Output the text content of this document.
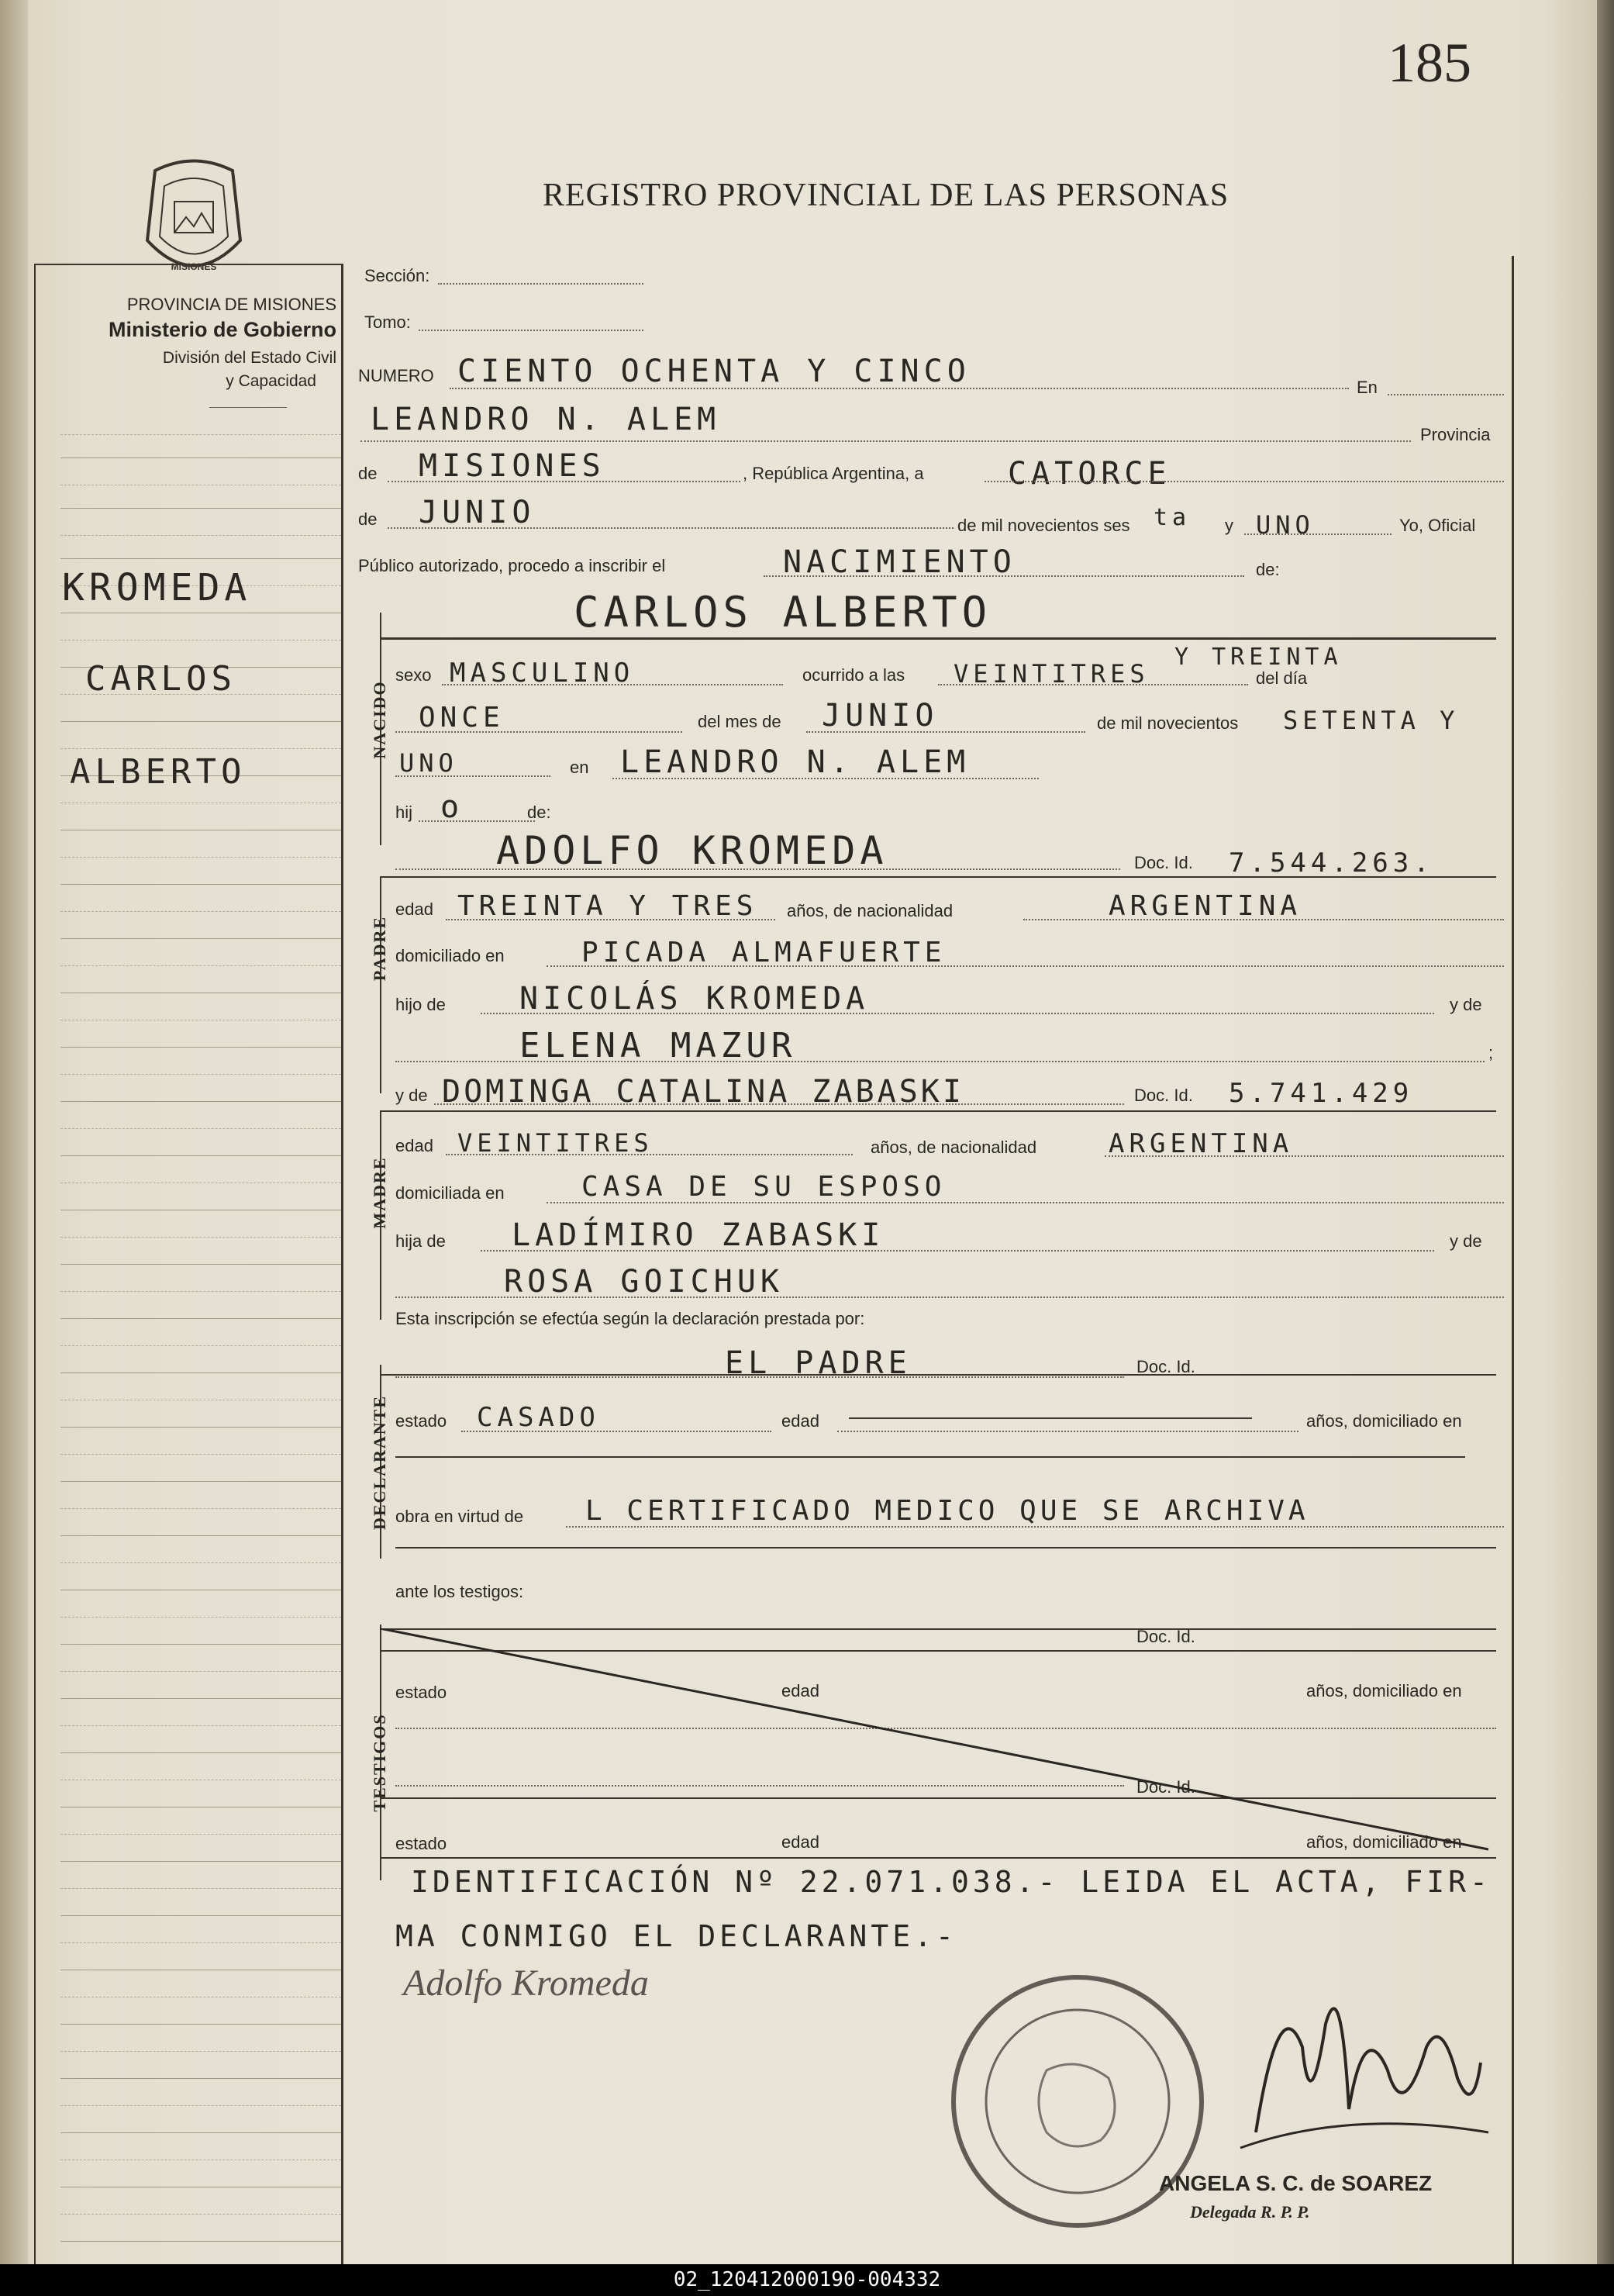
185
MISIONES
PROVINCIA DE MISIONES
Ministerio de Gobierno
División del Estado Civil
y Capacidad
KROMEDA
CARLOS
ALBERTO
REGISTRO PROVINCIAL DE LAS PERSONAS
Sección:
Tomo:
NUMERO CIENTO OCHENTA Y CINCO	En
LEANDRO N. ALEM	Provincia
de MISIONES	, República Argentina, a	CATORCE
de JUNIO	de mil novecientos ses ta y UNO	Yo, Oficial
Público autorizado, procedo a inscribir el	NACIMIENTO	de:
NACIDO
CARLOS ALBERTO
sexo MASCULINO	ocurrido a las VEINTITRES
Y TREINTA
del día
ONCE	del mes de JUNIO	de mil novecientos SETENTA Y
UNO	en LEANDRO N. ALEM
hij o	de:
ADOLFO KROMEDA	Doc. Id. 7.544.263.
PADRE
edad TREINTA Y TRES años, de nacionalidad	ARGENTINA
domiciliado en	PICADA ALMAFUERTE
hijo de NICOLÁS KROMEDA	y de
ELENA MAZUR	;
y de DOMINGA CATALINA ZABASKI	Doc. Id. 5.741.429
MADRE
edad VEINTITRES	años, de nacionalidad	ARGENTINA
domiciliada en	CASA DE SU ESPOSO
hija de LADÍMIRO ZABASKI	y de
ROSA GOICHUK
Esta inscripción se efectúa según la declaración prestada por:
DECLARANTE
EL PADRE	Doc. Id.
estado CASADO	edad	años, domiciliado en
obra en virtud de L CERTIFICADO MEDICO QUE SE ARCHIVA
ante los testigos:
TESTIGOS
Doc. Id.
estado	edad	años, domiciliado en
Doc. Id.
estado	edad	años, domiciliado en
IDENTIFICACIÓN Nº 22.071.038.- LEIDA EL ACTA, FIR-
MA CONMIGO EL DECLARANTE.-
Adolfo Kromeda
ANGELA S. C. de SOAREZ
Delegada R. P. P.
02_120412000190-004332
